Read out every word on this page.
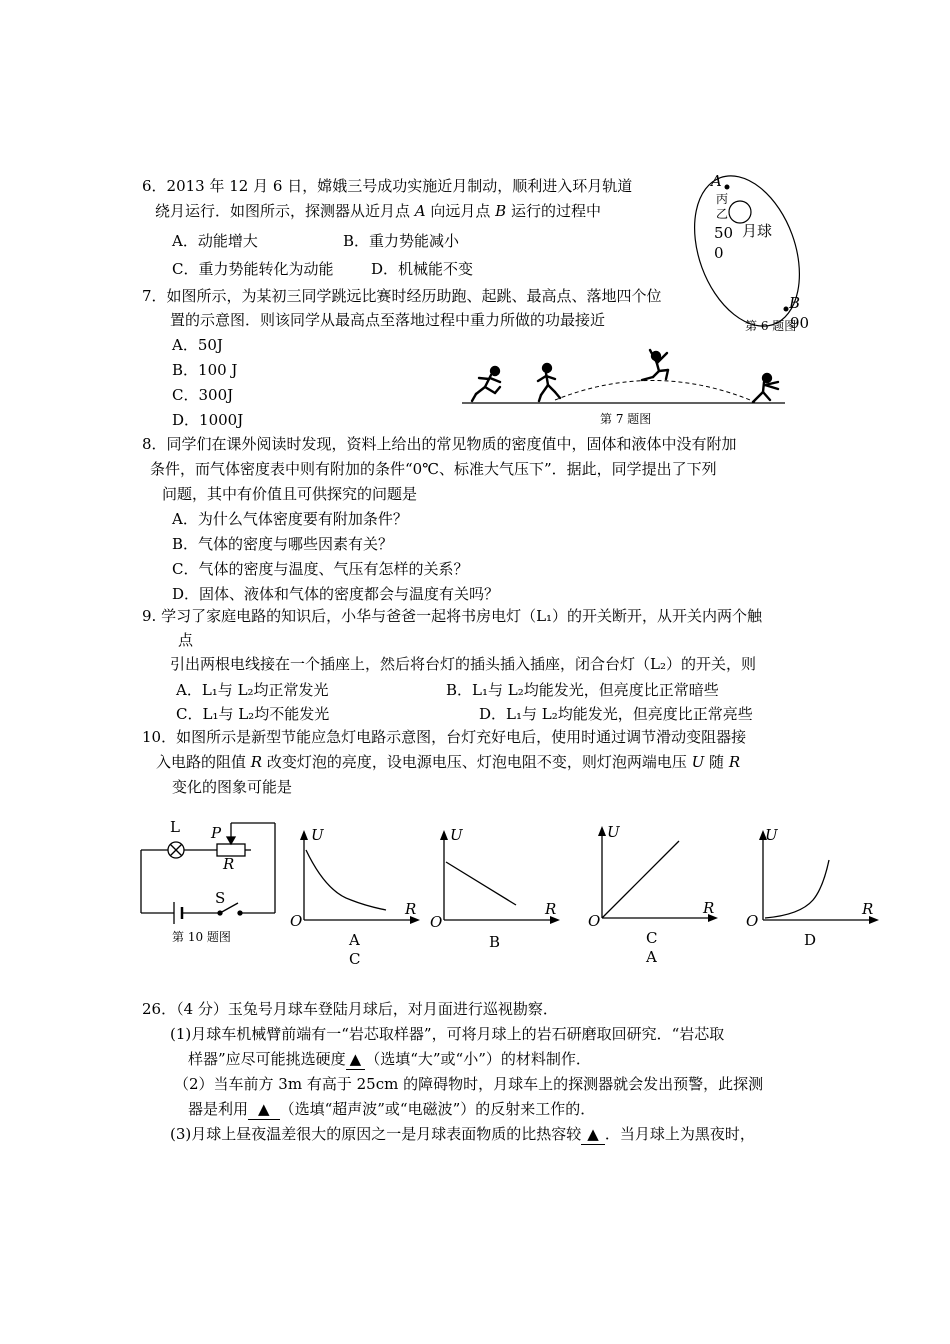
6．2013 年 12 月 6 日，嫦娥三号成功实施近月制动，顺利进入环月轨道
绕月运行．如图所示，探测器从近月点 A 向远月点 B 运行的过程中
A．动能增大	B．重力势能减小
C．重力势能转化为动能	D．机械能不变
A
丙
乙
50 月球
0
B
第 6 题图
90
7．如图所示，为某初三同学跳远比赛时经历助跑、起跳、最高点、落地四个位
置的示意图．则该同学从最高点至落地过程中重力所做的功最接近
A．50J
B．100 J
C．300J
D．1000J	第 7 题图
8．同学们在课外阅读时发现，资料上给出的常见物质的密度值中，固体和液体中没有附加
条件，而气体密度表中则有附加的条件“0℃、标准大气压下”．据此，同学提出了下列
问题，其中有价值且可供探究的问题是
A．为什么气体密度要有附加条件？
B．气体的密度与哪些因素有关？
C．气体的密度与温度、气压有怎样的关系？
D．固体、液体和气体的密度都会与温度有关吗？
9. 学习了家庭电路的知识后，小华与爸爸一起将书房电灯（L₁）的开关断开，从开关内两个触
点
引出两根电线接在一个插座上，然后将台灯的插头插入插座，闭合台灯（L₂）的开关，则
A．L₁与 L₂均正常发光	B．L₁与 L₂均能发光，但亮度比正常暗些
C．L₁与 L₂均不能发光	D．L₁与 L₂均能发光，但亮度比正常亮些
10．如图所示是新型节能应急灯电路示意图，台灯充好电后，使用时通过调节滑动变阻器接
入电路的阻值 R 改变灯泡的亮度，设电源电压、灯泡电阻不变，则灯泡两端电压 U 随 R
变化的图象可能是
L P
R
S
第 10 题图
U
R
O
A
C
U
R
O
B
U
R
O
C
A
U
R
O
D
26．（4 分）玉兔号月球车登陆月球后，对月面进行巡视勘察．
(1)月球车机械臂前端有一“岩芯取样器”，可将月球上的岩石研磨取回研究．“岩芯取
样器”应尽可能挑选硬度 ▲ （选填“大”或“小”）的材料制作．
（2）当车前方 3m 有高于 25cm 的障碍物时，月球车上的探测器就会发出预警，此探测
器是利用 ▲ （选填“超声波”或“电磁波”）的反射来工作的．
(3)月球上昼夜温差很大的原因之一是月球表面物质的比热容较 ▲ ．当月球上为黑夜时，
